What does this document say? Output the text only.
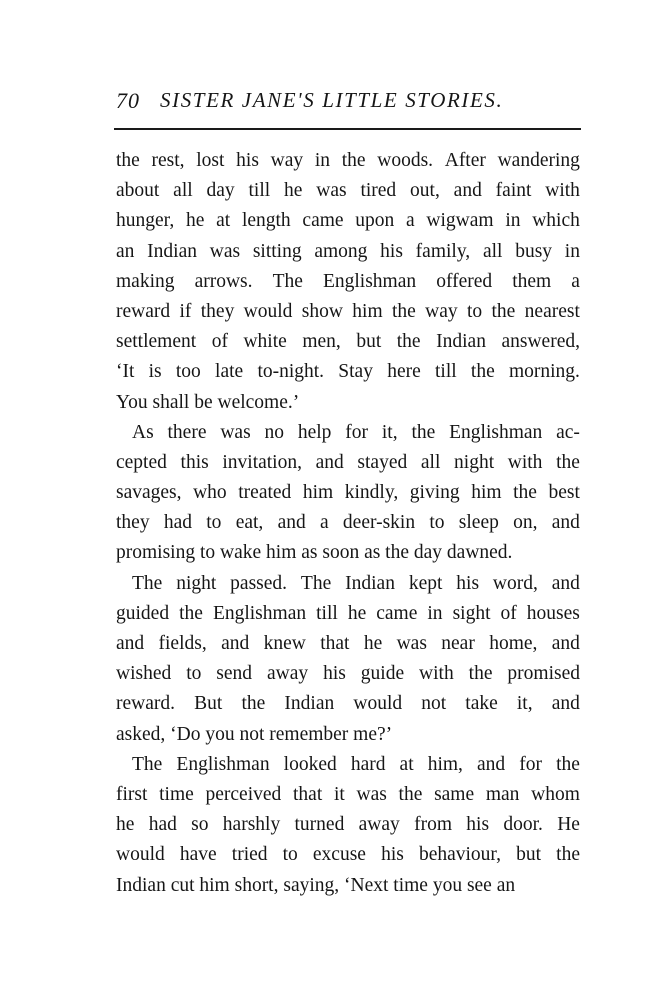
70 SISTER JANE'S LITTLE STORIES.
the rest, lost his way in the woods. After wandering
about all day till he was tired out, and faint with
hunger, he at length came upon a wigwam in which
an Indian was sitting among his family, all busy in
making arrows. The Englishman offered them a
reward if they would show him the way to the nearest
settlement of white men, but the Indian answered,
‘It is too late to-night. Stay here till the morning.
You shall be welcome.’
As there was no help for it, the Englishman ac-
cepted this invitation, and stayed all night with the
savages, who treated him kindly, giving him the best
they had to eat, and a deer-skin to sleep on, and
promising to wake him as soon as the day dawned.
The night passed. The Indian kept his word, and
guided the Englishman till he came in sight of houses
and fields, and knew that he was near home, and
wished to send away his guide with the promised
reward. But the Indian would not take it, and
asked, ‘Do you not remember me?’
The Englishman looked hard at him, and for the
first time perceived that it was the same man whom
he had so harshly turned away from his door. He
would have tried to excuse his behaviour, but the
Indian cut him short, saying, ‘Next time you see an
